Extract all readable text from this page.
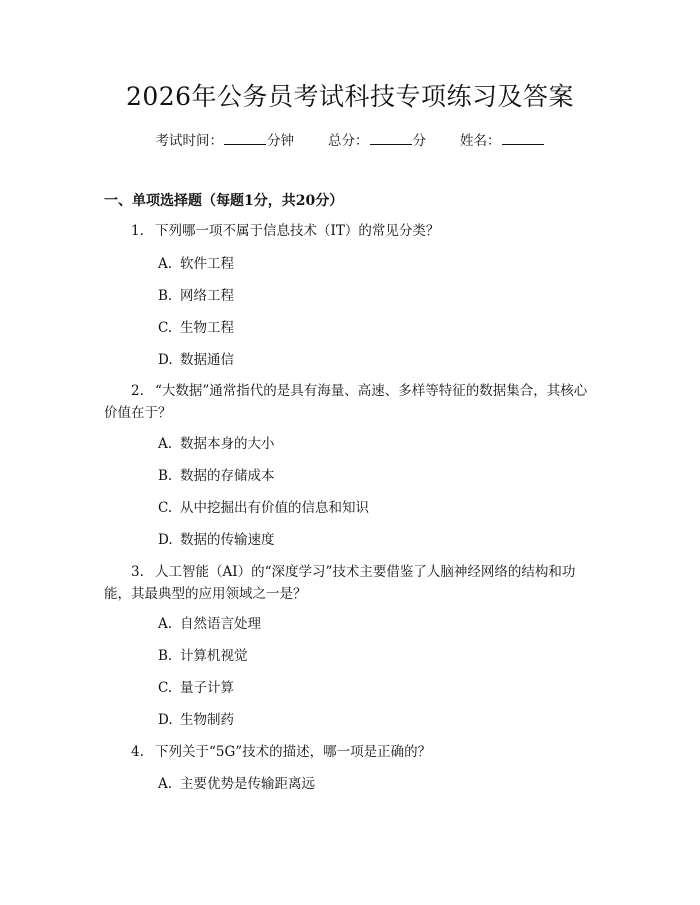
2026年公务员考试科技专项练习及答案
考试时间：	分钟	总分：	分	姓名：
一、单项选择题（每题1分，共20分）
1. 下列哪一项不属于信息技术（IT）的常见分类？
A. 软件工程
B. 网络工程
C. 生物工程
D. 数据通信
2. “大数据”通常指代的是具有海量、高速、多样等特征的数据集合，其核心价值在于？
A. 数据本身的大小
B. 数据的存储成本
C. 从中挖掘出有价值的信息和知识
D. 数据的传输速度
3. 人工智能（AI）的“深度学习”技术主要借鉴了人脑神经网络的结构和功能，其最典型的应用领域之一是？
A. 自然语言处理
B. 计算机视觉
C. 量子计算
D. 生物制药
4. 下列关于“5G”技术的描述，哪一项是正确的？
A. 主要优势是传输距离远
